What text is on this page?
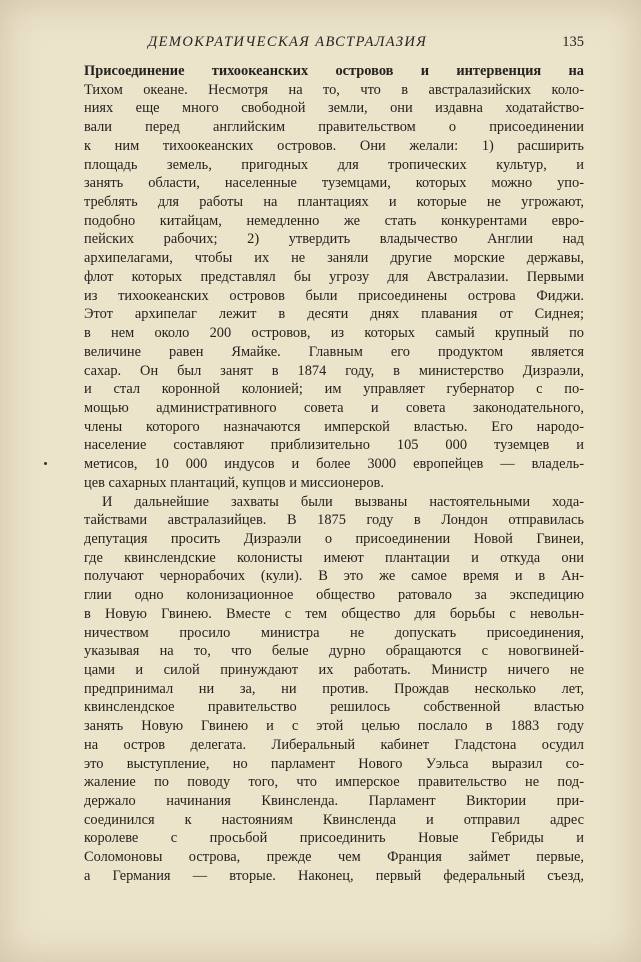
ДЕМОКРАТИЧЕСКАЯ АВСТРАЛАЗИЯ	135
Присоединение тихоокеанских островов и интервенция на
Тихом океане. Несмотря на то, что в австралазийских коло-
ниях еще много свободной земли, они издавна ходатайство-
вали перед английским правительством о присоединении
к ним тихоокеанских островов. Они желали: 1) расширить
площадь земель, пригодных для тропических культур, и
занять области, населенные туземцами, которых можно упо-
треблять для работы на плантациях и которые не угрожают,
подобно китайцам, немедленно же стать конкурентами евро-
пейских рабочих; 2) утвердить владычество Англии над
архипелагами, чтобы их не заняли другие морские державы,
флот которых представлял бы угрозу для Австралазии. Первыми
из тихоокеанских островов были присоединены острова Фиджи.
Этот архипелаг лежит в десяти днях плавания от Сиднея;
в нем около 200 островов, из которых самый крупный по
величине равен Ямайке. Главным его продуктом является
сахар. Он был занят в 1874 году, в министерство Дизраэли,
и стал коронной колонией; им управляет губернатор с по-
мощью административного совета и совета законодательного,
члены которого назначаются имперской властью. Его народо-
население составляют приблизительно 105 000 туземцев и
метисов, 10 000 индусов и более 3000 европейцев — владель-
цев сахарных плантаций, купцов и миссионеров.
И дальнейшие захваты были вызваны настоятельными хода-
тайствами австралазийцев. В 1875 году в Лондон отправилась
депутация просить Дизраэли о присоединении Новой Гвинеи,
где квинслендские колонисты имеют плантации и откуда они
получают чернорабочих (кули). В это же самое время и в Ан-
глии одно колонизационное общество ратовало за экспедицию
в Новую Гвинею. Вместе с тем общество для борьбы с невольн-
ничеством просило министра не допускать присоединения,
указывая на то, что белые дурно обращаются с новогвиней-
цами и силой принуждают их работать. Министр ничего не
предпринимал ни за, ни против. Прождав несколько лет,
квинслендское правительство решилось собственной властью
занять Новую Гвинею и с этой целью послало в 1883 году
на остров делегата. Либеральный кабинет Гладстона осудил
это выступление, но парламент Нового Уэльса выразил со-
жаление по поводу того, что имперское правительство не под-
держало начинания Квинсленда. Парламент Виктории при-
соединился к настояниям Квинсленда и отправил адрес
королеве с просьбой присоединить Новые Гебриды и
Соломоновы острова, прежде чем Франция займет первые,
а Германия — вторые. Наконец, первый федеральный съезд,
